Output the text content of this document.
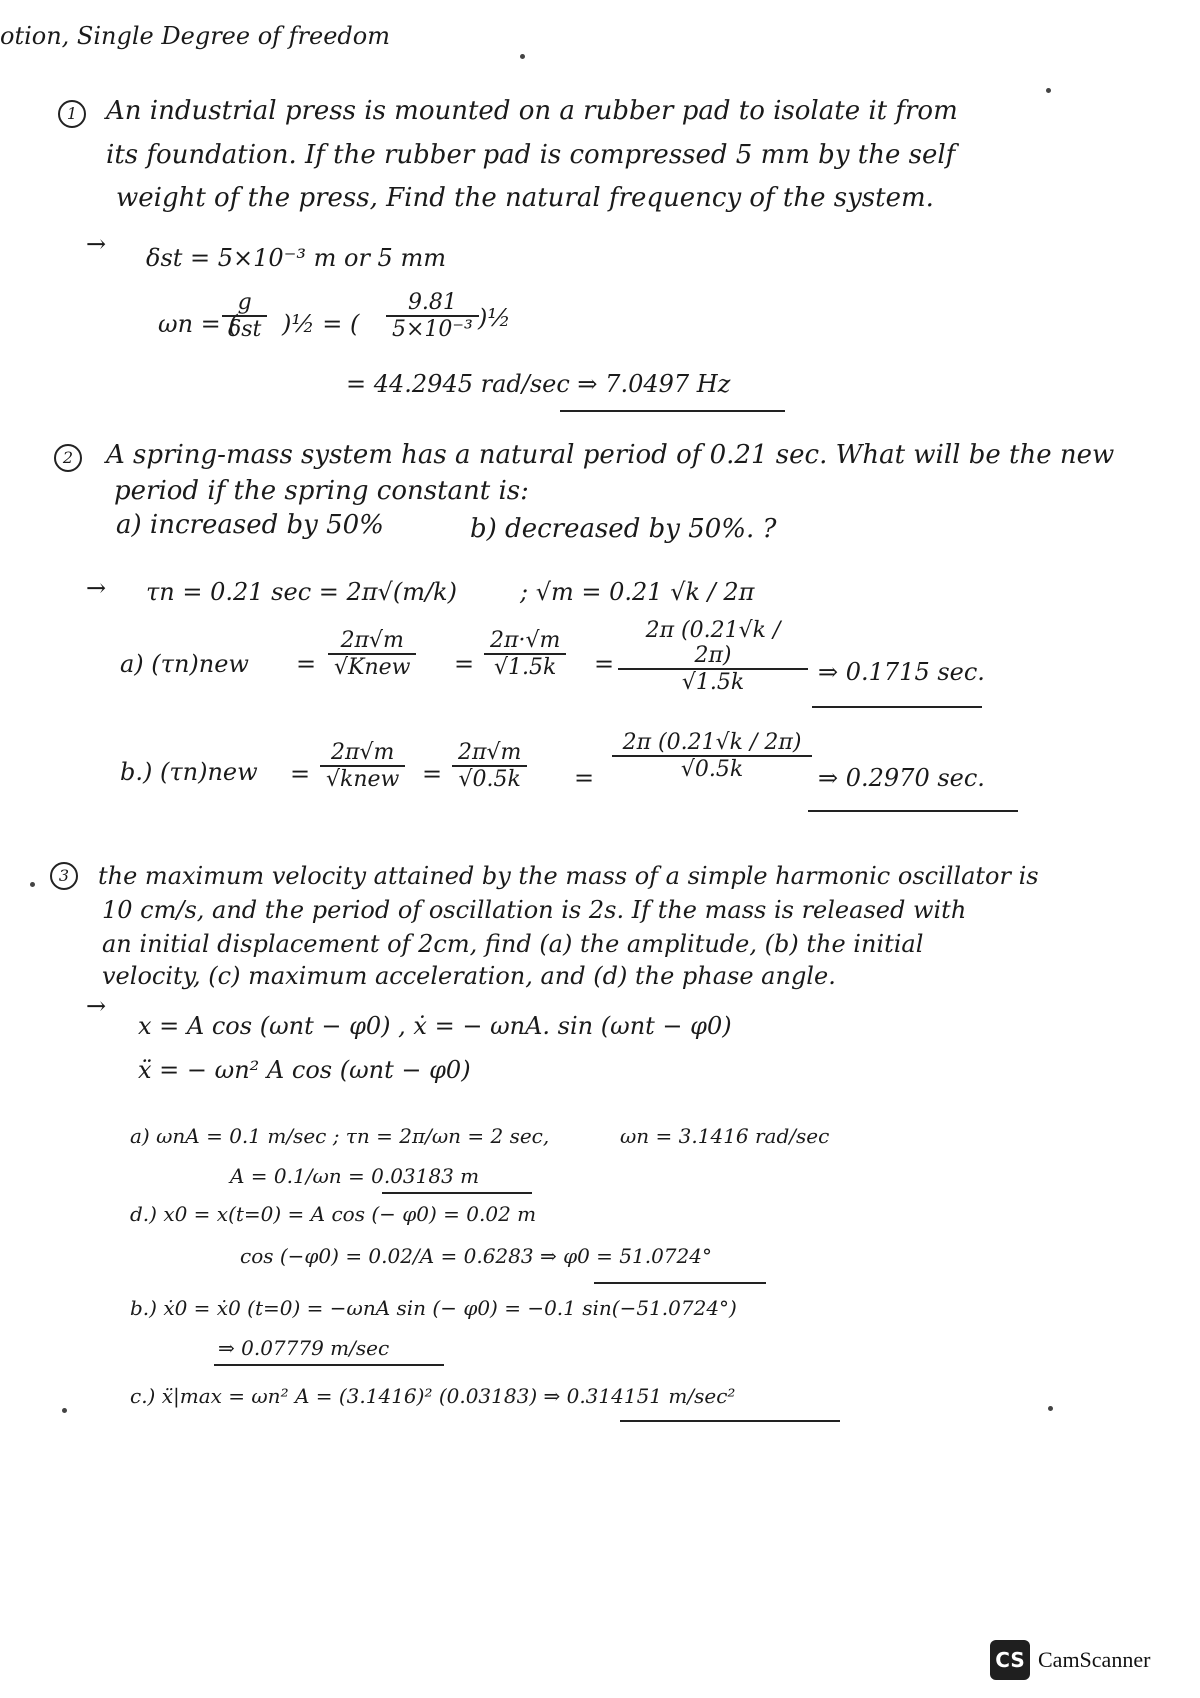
otion, Single Degree of freedom
1	An industrial press is mounted on a rubber pad to isolate it from
its foundation. If the rubber pad is compressed 5 mm by the self
weight of the press, Find the natural frequency of the system.
→ δst = 5×10⁻³ m or 5 mm
ωn = (
g
δst )½ = ( $\frac{9.81}{\text{5×10⁻³}}$ )½
= 44.2945 rad/sec ⇒ 7.0497 Hz
2	A spring-mass system has a natural period of 0.21 sec. What will be the new
period if the spring constant is:
a) increased by 50%	b) decreased by 50%. ?
→ τn = 0.21 sec = 2π√(m/k)	; √m = 0.21 √k / 2π
a) (τn)new =
2π√m
√Knew = $\frac{2\pi\cdot√m}{√1.5k} = \frac{2\pi (0.21√k / 2\pi)}{√1.5k}$ ⇒ 0.1715 sec.
b.) (τn)new =
2π√m
√knew = $\frac{2\pi√m}{√0.5k} = \frac{2\pi (0.21√k / 2\pi)}{√0.5k}$ ⇒ 0.2970 sec.
3	the maximum velocity attained by the mass of a simple harmonic oscillator is
10 cm/s, and the period of oscillation is 2s. If the mass is released with
an initial displacement of 2cm, find (a) the amplitude, (b) the initial
velocity, (c) maximum acceleration, and (d) the phase angle.
→
x = A cos (ωnt − φ0) , ẋ = − ωnA. sin (ωnt − φ0)
ẍ = − ωn² A cos (ωnt − φ0)
a) ωnA = 0.1 m/sec ; τn = 2π/ωn = 2 sec,	ωn = 3.1416 rad/sec
A = 0.1/ωn = 0.03183 m
d.) x0 = x(t=0) = A cos (− φ0) = 0.02 m
cos (−φ0) = 0.02/A = 0.6283 ⇒ φ0 = 51.0724°
b.) ẋ0 = ẋ0 (t=0) = −ωnA sin (− φ0) = −0.1 sin(−51.0724°)
⇒ 0.07779 m/sec
c.) ẍ|max = ωn² A = (3.1416)² (0.03183) ⇒ 0.314151 m/sec²
CS CamScanner
